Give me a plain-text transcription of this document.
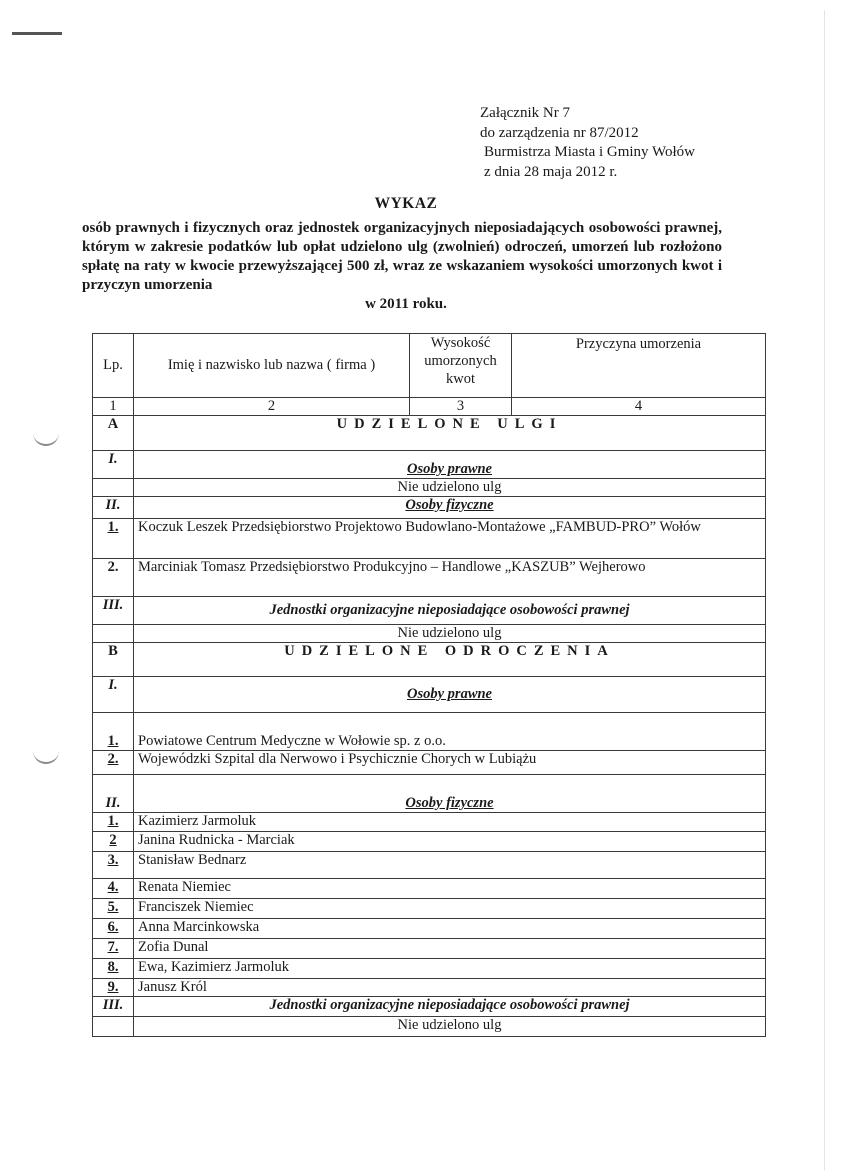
Załącznik Nr 7
do zarządzenia nr 87/2012
Burmistrza Miasta i Gminy Wołów
z dnia 28 maja 2012 r.
WYKAZ
osób prawnych i fizycznych oraz jednostek organizacyjnych nieposiadających osobowości prawnej, którym w zakresie podatków lub opłat udzielono ulg (zwolnień) odroczeń, umorzeń lub rozłożono spłatę na raty w kwocie przewyższającej 500 zł, wraz ze wskazaniem wysokości umorzonych kwot i przyczyn umorzenia
w 2011 roku.
Lp.	Imię i nazwisko lub nazwa ( firma )	Wysokość umorzonych kwot	Przyczyna umorzenia
1	2	3	4
A	UDZIELONE ULGI		
I.	Osoby prawne		
	Nie udzielono ulg		
II.	Osoby fizyczne		
1.	Koczuk Leszek Przedsiębiorstwo Projektowo Budowlano-Montażowe „FAMBUD-PRO” Wołów		
2.	Marciniak Tomasz Przedsiębiorstwo Produkcyjno – Handlowe „KASZUB” Wejherowo		
III.	Jednostki organizacyjne nieposiadające osobowości prawnej		
	Nie udzielono ulg		
B	UDZIELONE ODROCZENIA		
I.	Osoby prawne		
1.	Powiatowe Centrum Medyczne w Wołowie sp. z o.o.		
2.	Wojewódzki Szpital dla Nerwowo i Psychicznie Chorych w Lubiążu		
II.	Osoby fizyczne		
1.	Kazimierz Jarmoluk		
2	Janina Rudnicka - Marciak		
3.	Stanisław Bednarz		
4.	Renata Niemiec		
5.	Franciszek Niemiec		
6.	Anna Marcinkowska		
7.	Zofia Dunal		
8.	Ewa, Kazimierz Jarmoluk		
9.	Janusz Król		
III.	Jednostki organizacyjne nieposiadające osobowości prawnej		
	Nie udzielono ulg		
